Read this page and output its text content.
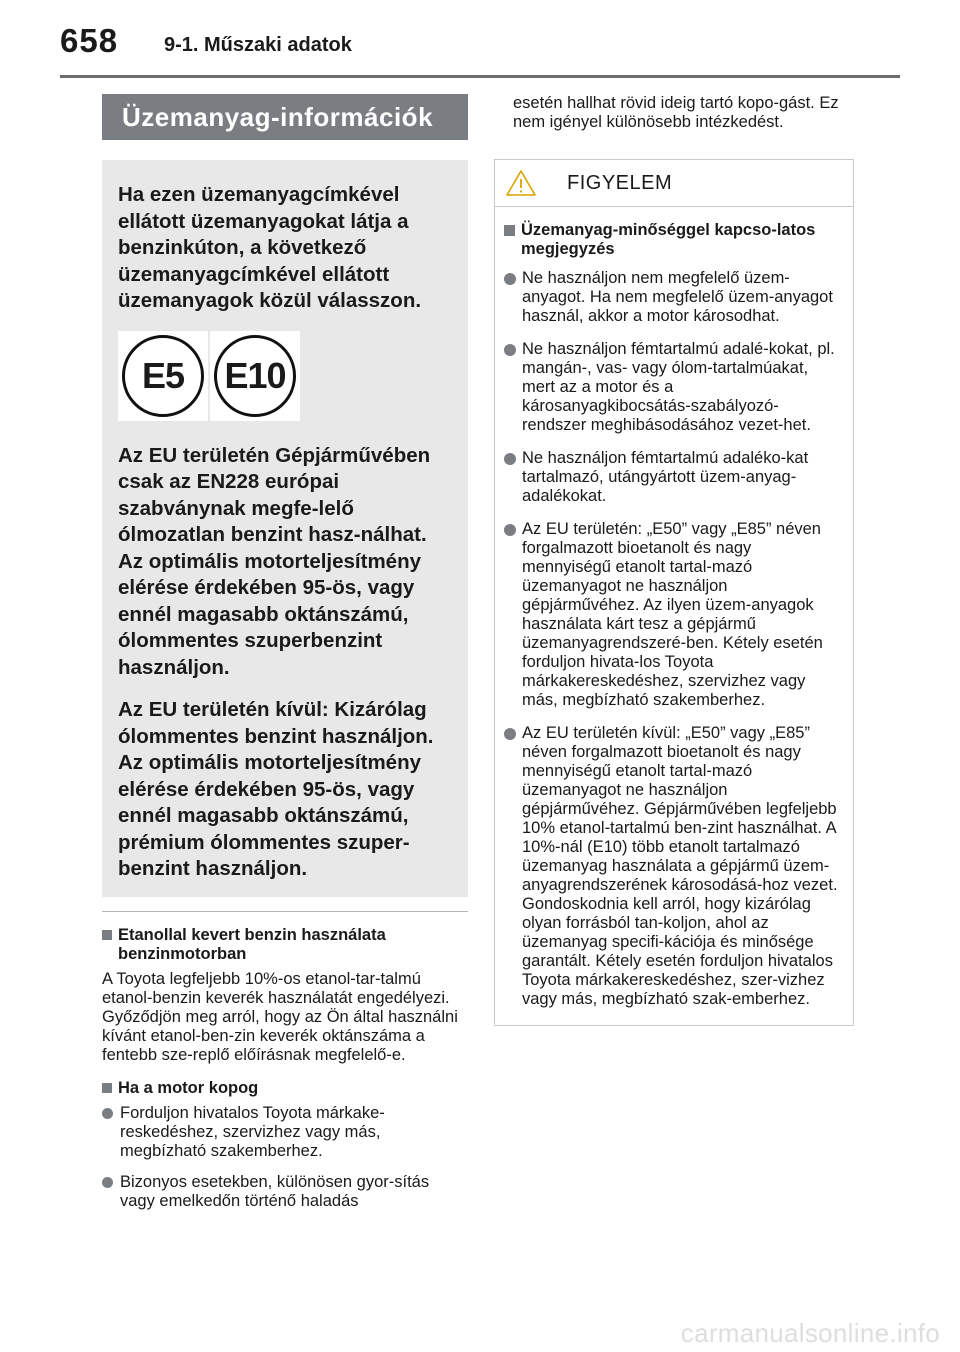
658 9-1. Műszaki adatok
Üzemanyag-információk

Ha ezen üzemanyagcímkével ellátott üzemanyagokat látja a benzinkúton, a következő üzemanyagcímkével ellátott üzemanyagok közül válasszon.

E5	E10

Az EU területén Gépjárművében csak az EN228 európai szabványnak megfe-lelő ólmozatlan benzint hasz-nálhat.
Az optimális motorteljesítmény elérése érdekében 95-ös, vagy ennél magasabb oktánszámú, ólommentes szuperbenzint használjon.

Az EU területén kívül: Kizárólag ólommentes benzint használjon.
Az optimális motorteljesítmény elérése érdekében 95-ös, vagy ennél magasabb oktánszámú, prémium ólommentes szuper-benzint használjon.

Etanollal kevert benzin használata benzinmotorban

A Toyota legfeljebb 10%-os etanol-tar-talmú etanol-benzin keverék használatát engedélyezi. Győződjön meg arról, hogy az Ön által használni kívánt etanol-ben-zin keverék oktánszáma a fentebb sze-replő előírásnak megfelelő-e.

Ha a motor kopog
Forduljon hivatalos Toyota márkake-reskedéshez, szervizhez vagy más, megbízható szakemberhez.
Bizonyos esetekben, különösen gyor-sítás vagy emelkedőn történő haladás

esetén hallhat rövid ideig tartó kopo-gást. Ez nem igényel különösebb intézkedést.

FIGYELEM
Üzemanyag-minőséggel kapcso-latos megjegyzés
Ne használjon nem megfelelő üzem-anyagot. Ha nem megfelelő üzem-anyagot használ, akkor a motor károsodhat.
Ne használjon fémtartalmú adalé-kokat, pl. mangán-, vas- vagy ólom-tartalmúakat, mert az a motor és a károsanyagkibocsátás-szabályozó-rendszer meghibásodásához vezet-het.
Ne használjon fémtartalmú adaléko-kat tartalmazó, utángyártott üzem-anyag-adalékokat.
Az EU területén: „E50” vagy „E85” néven forgalmazott bioetanolt és nagy mennyiségű etanolt tartal-mazó üzemanyagot ne használjon gépjárművéhez. Az ilyen üzem-anyagok használata kárt tesz a gépjármű üzemanyagrendszeré-ben. Kétely esetén forduljon hivata-los Toyota márkakereskedéshez, szervizhez vagy más, megbízható szakemberhez.
Az EU területén kívül: „E50” vagy „E85” néven forgalmazott bioetanolt és nagy mennyiségű etanolt tartal-mazó üzemanyagot ne használjon gépjárművéhez. Gépjárművében legfeljebb 10% etanol-tartalmú ben-zint használhat. A 10%-nál (E10) több etanolt tartalmazó üzemanyag használata a gépjármű üzem-anyagrendszerének károsodásá-hoz vezet. Gondoskodnia kell arról, hogy kizárólag olyan forrásból tan-koljon, ahol az üzemanyag specifi-kációja és minősége garantált. Kétely esetén forduljon hivatalos Toyota márkakereskedéshez, szer-vizhez vagy más, megbízható szak-emberhez.
carmanualsonline.info
